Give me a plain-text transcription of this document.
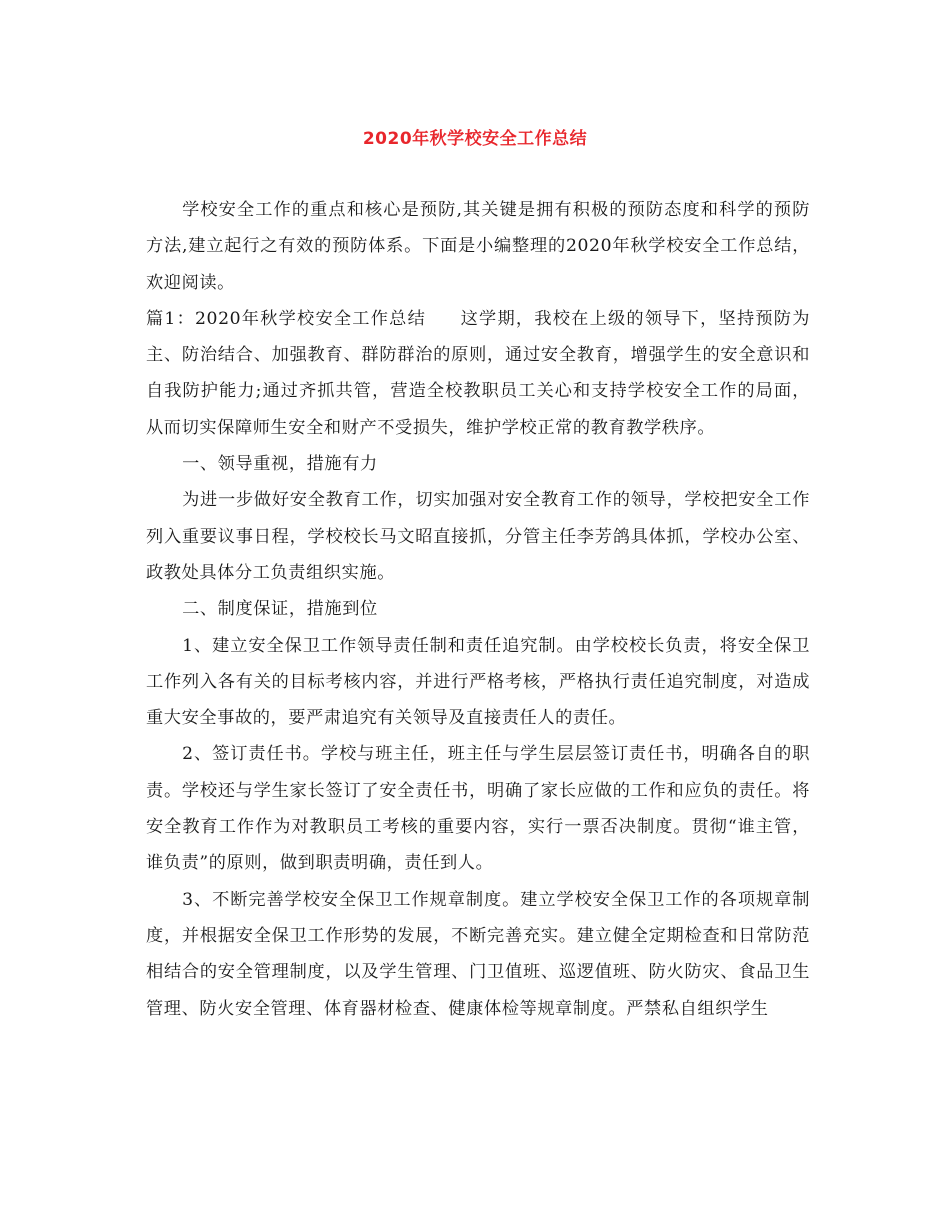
2020年秋学校安全工作总结

学校安全工作的重点和核心是预防,其关键是拥有积极的预防态度和科学的预防方法,建立起行之有效的预防体系。下面是小编整理的2020年秋学校安全工作总结，欢迎阅读。

篇1：2020年秋学校安全工作总结 这学期，我校在上级的领导下，坚持预防为主、防治结合、加强教育、群防群治的原则，通过安全教育，增强学生的安全意识和自我防护能力;通过齐抓共管，营造全校教职员工关心和支持学校安全工作的局面，从而切实保障师生安全和财产不受损失，维护学校正常的教育教学秩序。

一、领导重视，措施有力

为进一步做好安全教育工作，切实加强对安全教育工作的领导，学校把安全工作列入重要议事日程，学校校长马文昭直接抓，分管主任李芳鸽具体抓，学校办公室、政教处具体分工负责组织实施。

二、制度保证，措施到位

1、建立安全保卫工作领导责任制和责任追究制。由学校校长负责，将安全保卫工作列入各有关的目标考核内容，并进行严格考核，严格执行责任追究制度，对造成重大安全事故的，要严肃追究有关领导及直接责任人的责任。

2、签订责任书。学校与班主任，班主任与学生层层签订责任书，明确各自的职责。学校还与学生家长签订了安全责任书，明确了家长应做的工作和应负的责任。将安全教育工作作为对教职员工考核的重要内容，实行一票否决制度。贯彻“谁主管，谁负责”的原则，做到职责明确，责任到人。

3、不断完善学校安全保卫工作规章制度。建立学校安全保卫工作的各项规章制度，并根据安全保卫工作形势的发展，不断完善充实。建立健全定期检查和日常防范相结合的安全管理制度，以及学生管理、门卫值班、巡逻值班、防火防灾、食品卫生管理、防火安全管理、体育器材检查、健康体检等规章制度。严禁私自组织学生
